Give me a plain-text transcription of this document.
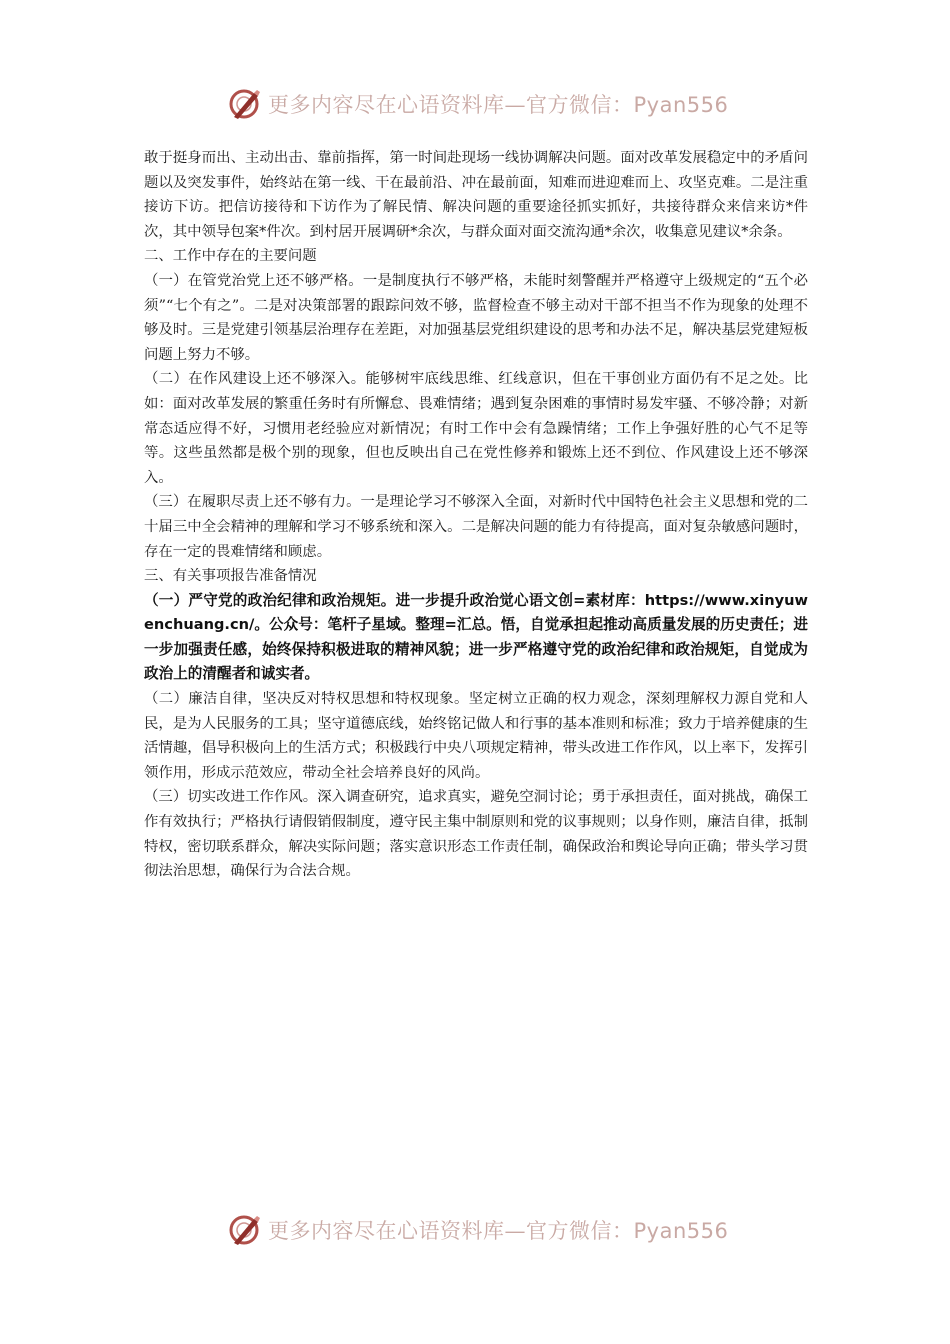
更多内容尽在心语资料库—官方微信：Pyan556

敢于挺身而出、主动出击、靠前指挥，第一时间赴现场一线协调解决问题。面对改革发展稳定中的矛盾问题以及突发事件，始终站在第一线、干在最前沿、冲在最前面，知难而进迎难而上、攻坚克难。二是注重接访下访。把信访接待和下访作为了解民情、解决问题的重要途径抓实抓好，共接待群众来信来访*件次，其中领导包案*件次。到村居开展调研*余次，与群众面对面交流沟通*余次，收集意见建议*余条。

二、工作中存在的主要问题

（一）在管党治党上还不够严格。一是制度执行不够严格，未能时刻警醒并严格遵守上级规定的“五个必须”“七个有之”。二是对决策部署的跟踪问效不够，监督检查不够主动对干部不担当不作为现象的处理不够及时。三是党建引领基层治理存在差距，对加强基层党组织建设的思考和办法不足，解决基层党建短板问题上努力不够。

（二）在作风建设上还不够深入。能够树牢底线思维、红线意识，但在干事创业方面仍有不足之处。比如：面对改革发展的繁重任务时有所懈怠、畏难情绪；遇到复杂困难的事情时易发牢骚、不够冷静；对新常态适应得不好，习惯用老经验应对新情况；有时工作中会有急躁情绪；工作上争强好胜的心气不足等等。这些虽然都是极个别的现象，但也反映出自己在党性修养和锻炼上还不到位、作风建设上还不够深入。

（三）在履职尽责上还不够有力。一是理论学习不够深入全面，对新时代中国特色社会主义思想和党的二十届三中全会精神的理解和学习不够系统和深入。二是解决问题的能力有待提高，面对复杂敏感问题时，存在一定的畏难情绪和顾虑。

三、有关事项报告准备情况

（一）严守党的政治纪律和政治规矩。进一步提升政治觉心语文创=素材库：https://www.xinyuwenchuang.cn/。公众号：笔杆子星域。整理=汇总。悟，自觉承担起推动高质量发展的历史责任；进一步加强责任感，始终保持积极进取的精神风貌；进一步严格遵守党的政治纪律和政治规矩，自觉成为政治上的清醒者和诚实者。

（二）廉洁自律，坚决反对特权思想和特权现象。坚定树立正确的权力观念，深刻理解权力源自党和人民，是为人民服务的工具；坚守道德底线，始终铭记做人和行事的基本准则和标准；致力于培养健康的生活情趣，倡导积极向上的生活方式；积极践行中央八项规定精神，带头改进工作作风，以上率下，发挥引领作用，形成示范效应，带动全社会培养良好的风尚。

（三）切实改进工作作风。深入调查研究，追求真实，避免空洞讨论；勇于承担责任，面对挑战，确保工作有效执行；严格执行请假销假制度，遵守民主集中制原则和党的议事规则；以身作则，廉洁自律，抵制特权，密切联系群众，解决实际问题；落实意识形态工作责任制，确保政治和舆论导向正确；带头学习贯彻法治思想，确保行为合法合规。

更多内容尽在心语资料库—官方微信：Pyan556
